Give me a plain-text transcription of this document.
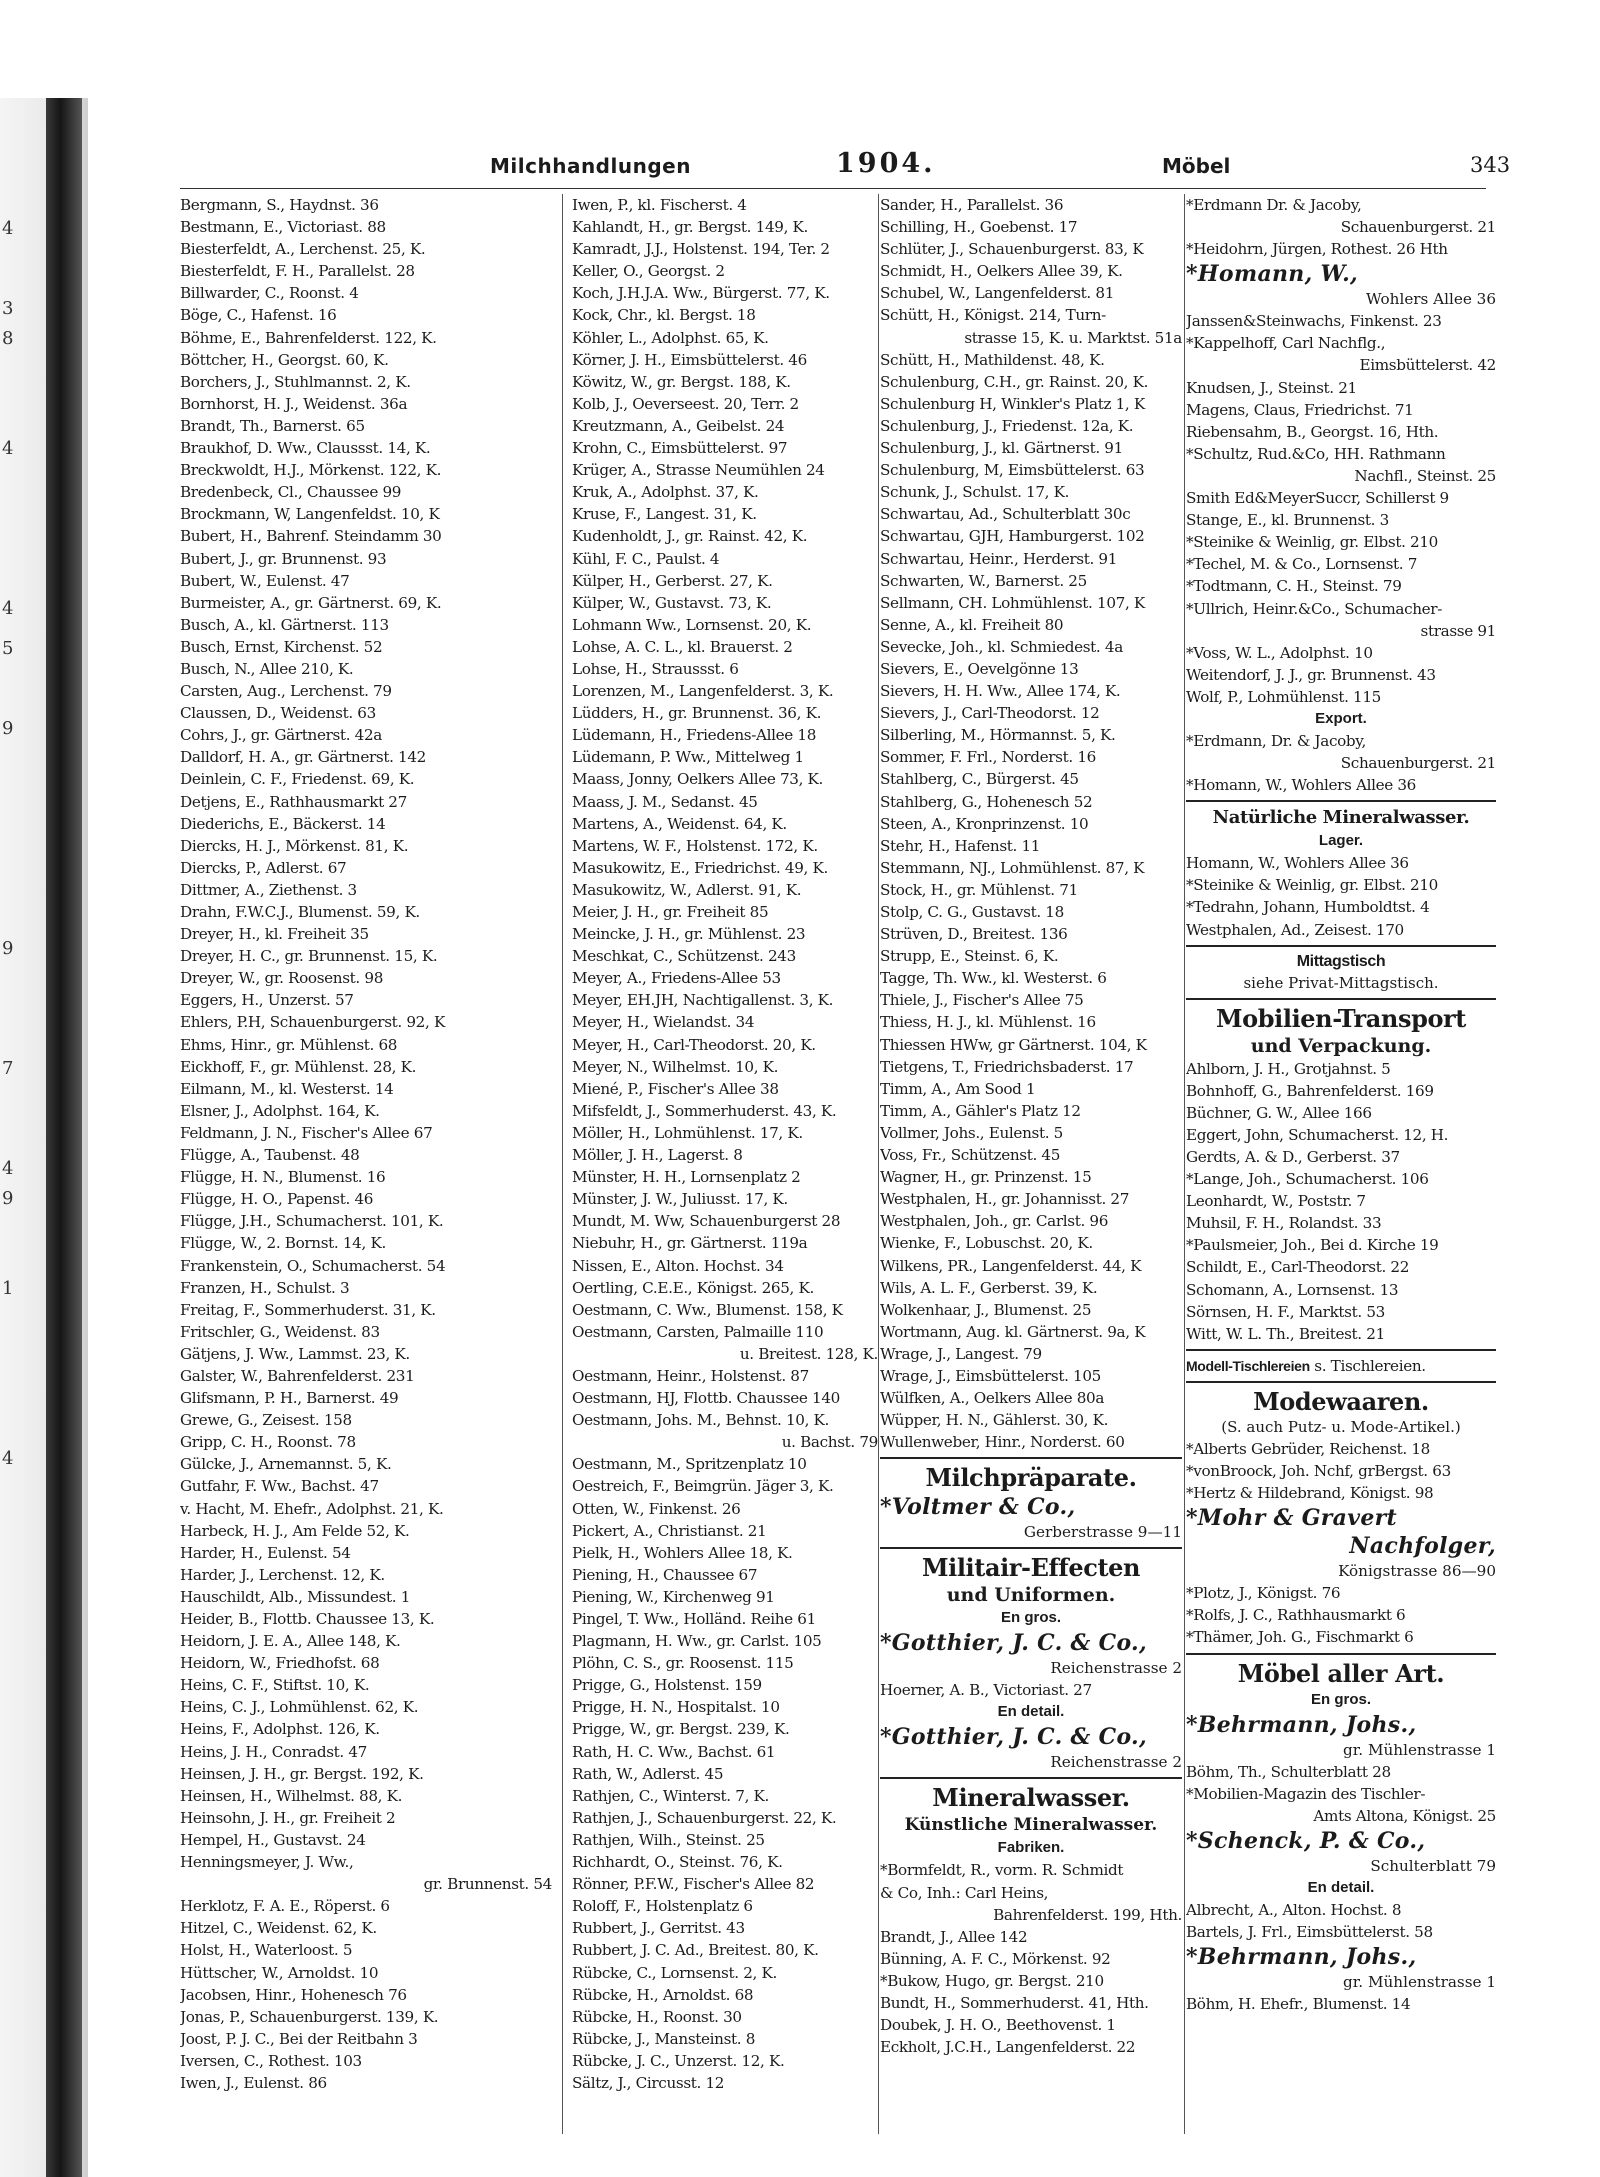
4
3
8
4
4
5
9
9
7
4
9
1
4
Milchhandlungen	1904.	Möbel	343
Bergmann, S., Haydnst. 36
Bestmann, E., Victoriast. 88
Biesterfeldt, A., Lerchenst. 25, K.
Biesterfeldt, F. H., Parallelst. 28
Billwarder, C., Roonst. 4
Böge, C., Hafenst. 16
Böhme, E., Bahrenfelderst. 122, K.
Böttcher, H., Georgst. 60, K.
Borchers, J., Stuhlmannst. 2, K.
Bornhorst, H. J., Weidenst. 36a
Brandt, Th., Barnerst. 65
Braukhof, D. Ww., Claussst. 14, K.
Breckwoldt, H.J., Mörkenst. 122, K.
Bredenbeck, Cl., Chaussee 99
Brockmann, W, Langenfeldst. 10, K
Bubert, H., Bahrenf. Steindamm 30
Bubert, J., gr. Brunnenst. 93
Bubert, W., Eulenst. 47
Burmeister, A., gr. Gärtnerst. 69, K.
Busch, A., kl. Gärtnerst. 113
Busch, Ernst, Kirchenst. 52
Busch, N., Allee 210, K.
Carsten, Aug., Lerchenst. 79
Claussen, D., Weidenst. 63
Cohrs, J., gr. Gärtnerst. 42a
Dalldorf, H. A., gr. Gärtnerst. 142
Deinlein, C. F., Friedenst. 69, K.
Detjens, E., Rathhausmarkt 27
Diederichs, E., Bäckerst. 14
Diercks, H. J., Mörkenst. 81, K.
Diercks, P., Adlerst. 67
Dittmer, A., Ziethenst. 3
Drahn, F.W.C.J., Blumenst. 59, K.
Dreyer, H., kl. Freiheit 35
Dreyer, H. C., gr. Brunnenst. 15, K.
Dreyer, W., gr. Roosenst. 98
Eggers, H., Unzerst. 57
Ehlers, P.H, Schauenburgerst. 92, K
Ehms, Hinr., gr. Mühlenst. 68
Eickhoff, F., gr. Mühlenst. 28, K.
Eilmann, M., kl. Westerst. 14
Elsner, J., Adolphst. 164, K.
Feldmann, J. N., Fischer's Allee 67
Flügge, A., Taubenst. 48
Flügge, H. N., Blumenst. 16
Flügge, H. O., Papenst. 46
Flügge, J.H., Schumacherst. 101, K.
Flügge, W., 2. Bornst. 14, K.
Frankenstein, O., Schumacherst. 54
Franzen, H., Schulst. 3
Freitag, F., Sommerhuderst. 31, K.
Fritschler, G., Weidenst. 83
Gätjens, J. Ww., Lammst. 23, K.
Galster, W., Bahrenfelderst. 231
Glifsmann, P. H., Barnerst. 49
Grewe, G., Zeisest. 158
Gripp, C. H., Roonst. 78
Gülcke, J., Arnemannst. 5, K.
Gutfahr, F. Ww., Bachst. 47
v. Hacht, M. Ehefr., Adolphst. 21, K.
Harbeck, H. J., Am Felde 52, K.
Harder, H., Eulenst. 54
Harder, J., Lerchenst. 12, K.
Hauschildt, Alb., Missundest. 1
Heider, B., Flottb. Chaussee 13, K.
Heidorn, J. E. A., Allee 148, K.
Heidorn, W., Friedhofst. 68
Heins, C. F., Stiftst. 10, K.
Heins, C. J., Lohmühlenst. 62, K.
Heins, F., Adolphst. 126, K.
Heins, J. H., Conradst. 47
Heinsen, J. H., gr. Bergst. 192, K.
Heinsen, H., Wilhelmst. 88, K.
Heinsohn, J. H., gr. Freiheit 2
Hempel, H., Gustavst. 24
Henningsmeyer, J. Ww.,
gr. Brunnenst. 54
Herklotz, F. A. E., Röperst. 6
Hitzel, C., Weidenst. 62, K.
Holst, H., Waterloost. 5
Hüttscher, W., Arnoldst. 10
Jacobsen, Hinr., Hohenesch 76
Jonas, P., Schauenburgerst. 139, K.
Joost, P. J. C., Bei der Reitbahn 3
Iversen, C., Rothest. 103
Iwen, J., Eulenst. 86
Iwen, P., kl. Fischerst. 4
Kahlandt, H., gr. Bergst. 149, K.
Kamradt, J.J., Holstenst. 194, Ter. 2
Keller, O., Georgst. 2
Koch, J.H.J.A. Ww., Bürgerst. 77, K.
Kock, Chr., kl. Bergst. 18
Köhler, L., Adolphst. 65, K.
Körner, J. H., Eimsbüttelerst. 46
Köwitz, W., gr. Bergst. 188, K.
Kolb, J., Oeverseest. 20, Terr. 2
Kreutzmann, A., Geibelst. 24
Krohn, C., Eimsbüttelerst. 97
Krüger, A., Strasse Neumühlen 24
Kruk, A., Adolphst. 37, K.
Kruse, F., Langest. 31, K.
Kudenholdt, J., gr. Rainst. 42, K.
Kühl, F. C., Paulst. 4
Külper, H., Gerberst. 27, K.
Külper, W., Gustavst. 73, K.
Lohmann Ww., Lornsenst. 20, K.
Lohse, A. C. L., kl. Brauerst. 2
Lohse, H., Straussst. 6
Lorenzen, M., Langenfelderst. 3, K.
Lüdders, H., gr. Brunnenst. 36, K.
Lüdemann, H., Friedens-Allee 18
Lüdemann, P. Ww., Mittelweg 1
Maass, Jonny, Oelkers Allee 73, K.
Maass, J. M., Sedanst. 45
Martens, A., Weidenst. 64, K.
Martens, W. F., Holstenst. 172, K.
Masukowitz, E., Friedrichst. 49, K.
Masukowitz, W., Adlerst. 91, K.
Meier, J. H., gr. Freiheit 85
Meincke, J. H., gr. Mühlenst. 23
Meschkat, C., Schützenst. 243
Meyer, A., Friedens-Allee 53
Meyer, EH.JH, Nachtigallenst. 3, K.
Meyer, H., Wielandst. 34
Meyer, H., Carl-Theodorst. 20, K.
Meyer, N., Wilhelmst. 10, K.
Miené, P., Fischer's Allee 38
Mifsfeldt, J., Sommerhuderst. 43, K.
Möller, H., Lohmühlenst. 17, K.
Möller, J. H., Lagerst. 8
Münster, H. H., Lornsenplatz 2
Münster, J. W., Juliusst. 17, K.
Mundt, M. Ww, Schauenburgerst 28
Niebuhr, H., gr. Gärtnerst. 119a
Nissen, E., Alton. Hochst. 34
Oertling, C.E.E., Königst. 265, K.
Oestmann, C. Ww., Blumenst. 158, K
Oestmann, Carsten, Palmaille 110
u. Breitest. 128, K.
Oestmann, Heinr., Holstenst. 87
Oestmann, HJ, Flottb. Chaussee 140
Oestmann, Johs. M., Behnst. 10, K.
u. Bachst. 79
Oestmann, M., Spritzenplatz 10
Oestreich, F., Beimgrün. Jäger 3, K.
Otten, W., Finkenst. 26
Pickert, A., Christianst. 21
Pielk, H., Wohlers Allee 18, K.
Piening, H., Chaussee 67
Piening, W., Kirchenweg 91
Pingel, T. Ww., Holländ. Reihe 61
Plagmann, H. Ww., gr. Carlst. 105
Plöhn, C. S., gr. Roosenst. 115
Prigge, G., Holstenst. 159
Prigge, H. N., Hospitalst. 10
Prigge, W., gr. Bergst. 239, K.
Rath, H. C. Ww., Bachst. 61
Rath, W., Adlerst. 45
Rathjen, C., Winterst. 7, K.
Rathjen, J., Schauenburgerst. 22, K.
Rathjen, Wilh., Steinst. 25
Richhardt, O., Steinst. 76, K.
Rönner, P.F.W., Fischer's Allee 82
Roloff, F., Holstenplatz 6
Rubbert, J., Gerritst. 43
Rubbert, J. C. Ad., Breitest. 80, K.
Rübcke, C., Lornsenst. 2, K.
Rübcke, H., Arnoldst. 68
Rübcke, H., Roonst. 30
Rübcke, J., Mansteinst. 8
Rübcke, J. C., Unzerst. 12, K.
Sältz, J., Circusst. 12
Sander, H., Parallelst. 36
Schilling, H., Goebenst. 17
Schlüter, J., Schauenburgerst. 83, K
Schmidt, H., Oelkers Allee 39, K.
Schubel, W., Langenfelderst. 81
Schütt, H., Königst. 214, Turn-
strasse 15, K. u. Marktst. 51a
Schütt, H., Mathildenst. 48, K.
Schulenburg, C.H., gr. Rainst. 20, K.
Schulenburg H, Winkler's Platz 1, K
Schulenburg, J., Friedenst. 12a, K.
Schulenburg, J., kl. Gärtnerst. 91
Schulenburg, M, Eimsbüttelerst. 63
Schunk, J., Schulst. 17, K.
Schwartau, Ad., Schulterblatt 30c
Schwartau, GJH, Hamburgerst. 102
Schwartau, Heinr., Herderst. 91
Schwarten, W., Barnerst. 25
Sellmann, CH. Lohmühlenst. 107, K
Senne, A., kl. Freiheit 80
Sevecke, Joh., kl. Schmiedest. 4a
Sievers, E., Oevelgönne 13
Sievers, H. H. Ww., Allee 174, K.
Sievers, J., Carl-Theodorst. 12
Silberling, M., Hörmannst. 5, K.
Sommer, F. Frl., Norderst. 16
Stahlberg, C., Bürgerst. 45
Stahlberg, G., Hohenesch 52
Steen, A., Kronprinzenst. 10
Stehr, H., Hafenst. 11
Stemmann, NJ., Lohmühlenst. 87, K
Stock, H., gr. Mühlenst. 71
Stolp, C. G., Gustavst. 18
Strüven, D., Breitest. 136
Strupp, E., Steinst. 6, K.
Tagge, Th. Ww., kl. Westerst. 6
Thiele, J., Fischer's Allee 75
Thiess, H. J., kl. Mühlenst. 16
Thiessen HWw, gr Gärtnerst. 104, K
Tietgens, T., Friedrichsbaderst. 17
Timm, A., Am Sood 1
Timm, A., Gähler's Platz 12
Vollmer, Johs., Eulenst. 5
Voss, Fr., Schützenst. 45
Wagner, H., gr. Prinzenst. 15
Westphalen, H., gr. Johannisst. 27
Westphalen, Joh., gr. Carlst. 96
Wienke, F., Lobuschst. 20, K.
Wilkens, PR., Langenfelderst. 44, K
Wils, A. L. F., Gerberst. 39, K.
Wolkenhaar, J., Blumenst. 25
Wortmann, Aug. kl. Gärtnerst. 9a, K
Wrage, J., Langest. 79
Wrage, J., Eimsbüttelerst. 105
Wülfken, A., Oelkers Allee 80a
Wüpper, H. N., Gählerst. 30, K.
Wullenweber, Hinr., Norderst. 60
Milchpräparate.
*Voltmer & Co.,
Gerberstrasse 9—11
Militair-Effecten
und Uniformen.
En gros.
*Gotthier, J. C. & Co.,
Reichenstrasse 2
Hoerner, A. B., Victoriast. 27
En detail.
*Gotthier, J. C. & Co.,
Reichenstrasse 2
Mineralwasser.
Künstliche Mineralwasser.
Fabriken.
*Bormfeldt, R., vorm. R. Schmidt
& Co, Inh.: Carl Heins,
Bahrenfelderst. 199, Hth.
Brandt, J., Allee 142
Bünning, A. F. C., Mörkenst. 92
*Bukow, Hugo, gr. Bergst. 210
Bundt, H., Sommerhuderst. 41, Hth.
Doubek, J. H. O., Beethovenst. 1
Eckholt, J.C.H., Langenfelderst. 22
*Erdmann Dr. & Jacoby,
Schauenburgerst. 21
*Heidohrn, Jürgen, Rothest. 26 Hth
*Homann, W.,
Wohlers Allee 36
Janssen&Steinwachs, Finkenst. 23
*Kappelhoff, Carl Nachflg.,
Eimsbüttelerst. 42
Knudsen, J., Steinst. 21
Magens, Claus, Friedrichst. 71
Riebensahm, B., Georgst. 16, Hth.
*Schultz, Rud.&Co, HH. Rathmann
Nachfl., Steinst. 25
Smith Ed&MeyerSuccr, Schillerst 9
Stange, E., kl. Brunnenst. 3
*Steinike & Weinlig, gr. Elbst. 210
*Techel, M. & Co., Lornsenst. 7
*Todtmann, C. H., Steinst. 79
*Ullrich, Heinr.&Co., Schumacher-
strasse 91
*Voss, W. L., Adolphst. 10
Weitendorf, J. J., gr. Brunnenst. 43
Wolf, P., Lohmühlenst. 115
Export.
*Erdmann, Dr. & Jacoby,
Schauenburgerst. 21
*Homann, W., Wohlers Allee 36
Natürliche Mineralwasser.
Lager.
Homann, W., Wohlers Allee 36
*Steinike & Weinlig, gr. Elbst. 210
*Tedrahn, Johann, Humboldtst. 4
Westphalen, Ad., Zeisest. 170
Mittagstisch
siehe Privat-Mittagstisch.
Mobilien-Transport
und Verpackung.
Ahlborn, J. H., Grotjahnst. 5
Bohnhoff, G., Bahrenfelderst. 169
Büchner, G. W., Allee 166
Eggert, John, Schumacherst. 12, H.
Gerdts, A. & D., Gerberst. 37
*Lange, Joh., Schumacherst. 106
Leonhardt, W., Poststr. 7
Muhsil, F. H., Rolandst. 33
*Paulsmeier, Joh., Bei d. Kirche 19
Schildt, E., Carl-Theodorst. 22
Schomann, A., Lornsenst. 13
Sörnsen, H. F., Marktst. 53
Witt, W. L. Th., Breitest. 21
Modell-Tischlereien s. Tischlereien.
Modewaaren.
(S. auch Putz- u. Mode-Artikel.)
*Alberts Gebrüder, Reichenst. 18
*vonBroock, Joh. Nchf, grBergst. 63
*Hertz & Hildebrand, Königst. 98
*Mohr & Gravert
Nachfolger,
Königstrasse 86—90
*Plotz, J., Königst. 76
*Rolfs, J. C., Rathhausmarkt 6
*Thämer, Joh. G., Fischmarkt 6
Möbel aller Art.
En gros.
*Behrmann, Johs.,
gr. Mühlenstrasse 1
Böhm, Th., Schulterblatt 28
*Mobilien-Magazin des Tischler-
Amts Altona, Königst. 25
*Schenck, P. & Co.,
Schulterblatt 79
En detail.
Albrecht, A., Alton. Hochst. 8
Bartels, J. Frl., Eimsbüttelerst. 58
*Behrmann, Johs.,
gr. Mühlenstrasse 1
Böhm, H. Ehefr., Blumenst. 14
